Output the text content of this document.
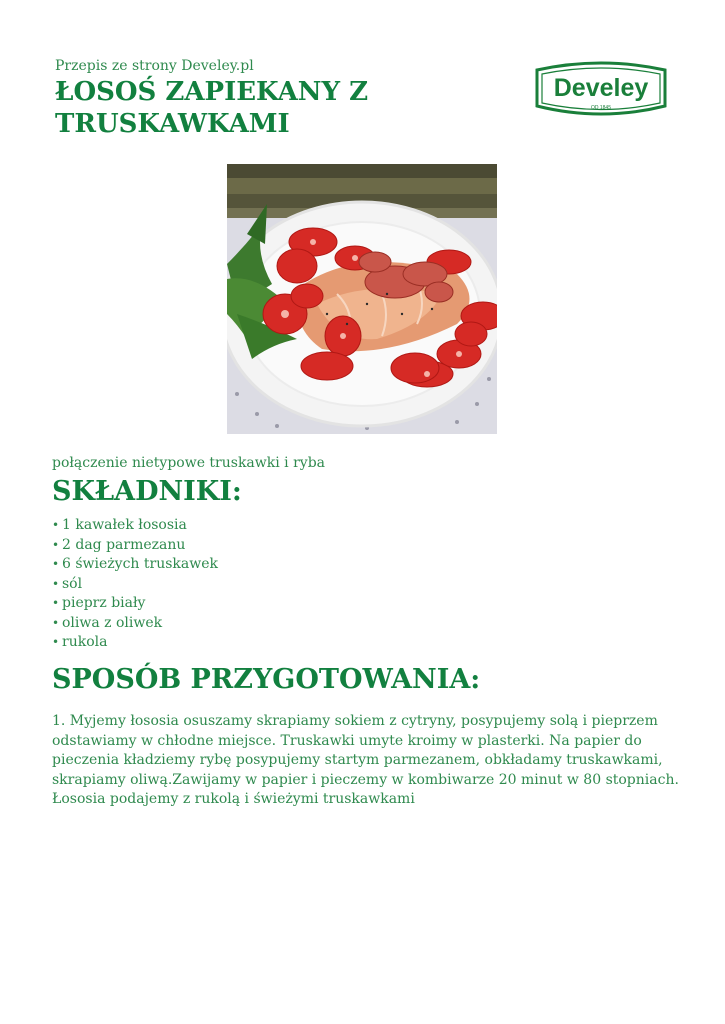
Przepis ze strony Develey.pl
ŁOSOŚ ZAPIEKANY Z
TRUSKAWKAMI
Develey
OD 1845
połączenie nietypowe truskawki i ryba
SKŁADNIKI:
• 1 kawałek łososia
• 2 dag parmezanu
• 6 świeżych truskawek
• sól
• pieprz biały
• oliwa z oliwek
• rukola
SPOSÓB PRZYGOTOWANIA:

1. Myjemy łososia osuszamy skrapiamy sokiem z cytryny, posypujemy solą i pieprzem odstawiamy w chłodne miejsce. Truskawki umyte kroimy w plasterki. Na papier do pieczenia kładziemy rybę posypujemy startym parmezanem, obkładamy truskawkami, skrapiamy oliwą.Zawijamy w papier i pieczemy w kombiwarze 20 minut w 80 stopniach.

Łososia podajemy z rukolą i świeżymi truskawkami
